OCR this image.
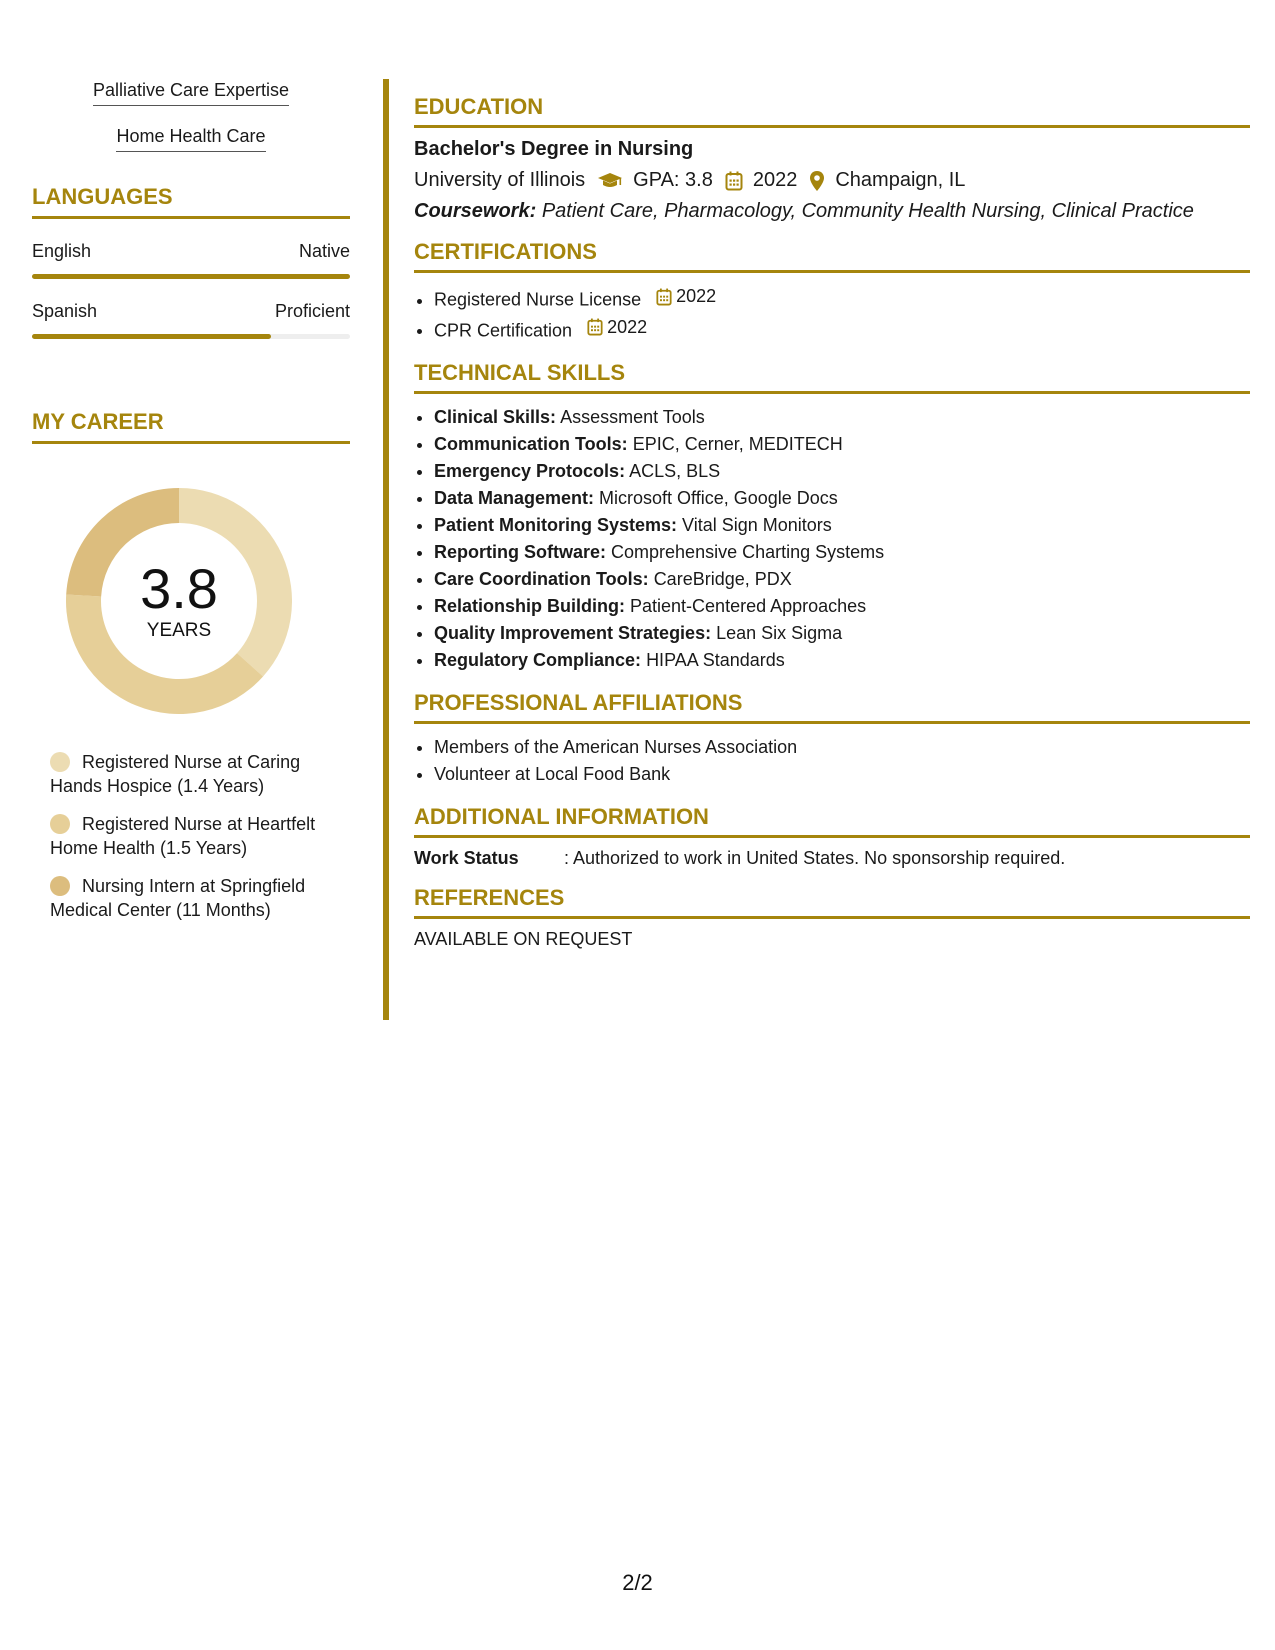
Palliative Care Expertise
Home Health Care
LANGUAGES
English	Native
Spanish	Proficient
MY CAREER
3.8
YEARS
Registered Nurse at Caring Hands Hospice (1.4 Years)
Registered Nurse at Heartfelt Home Health (1.5 Years)
Nursing Intern at Springfield Medical Center (11 Months)
EDUCATION
Bachelor's Degree in Nursing
University of Illinois GPA: 3.8 2022 Champaign, IL
Coursework: Patient Care, Pharmacology, Community Health Nursing, Clinical Practice
CERTIFICATIONS
• Registered Nurse License 2022
• CPR Certification 2022
TECHNICAL SKILLS
• Clinical Skills: Assessment Tools
• Communication Tools: EPIC, Cerner, MEDITECH
• Emergency Protocols: ACLS, BLS
• Data Management: Microsoft Office, Google Docs
• Patient Monitoring Systems: Vital Sign Monitors
• Reporting Software: Comprehensive Charting Systems
• Care Coordination Tools: CareBridge, PDX
• Relationship Building: Patient-Centered Approaches
• Quality Improvement Strategies: Lean Six Sigma
• Regulatory Compliance: HIPAA Standards
PROFESSIONAL AFFILIATIONS
• Members of the American Nurses Association
• Volunteer at Local Food Bank
ADDITIONAL INFORMATION
Work Status	: Authorized to work in United States. No sponsorship required.
REFERENCES
AVAILABLE ON REQUEST
2/2
